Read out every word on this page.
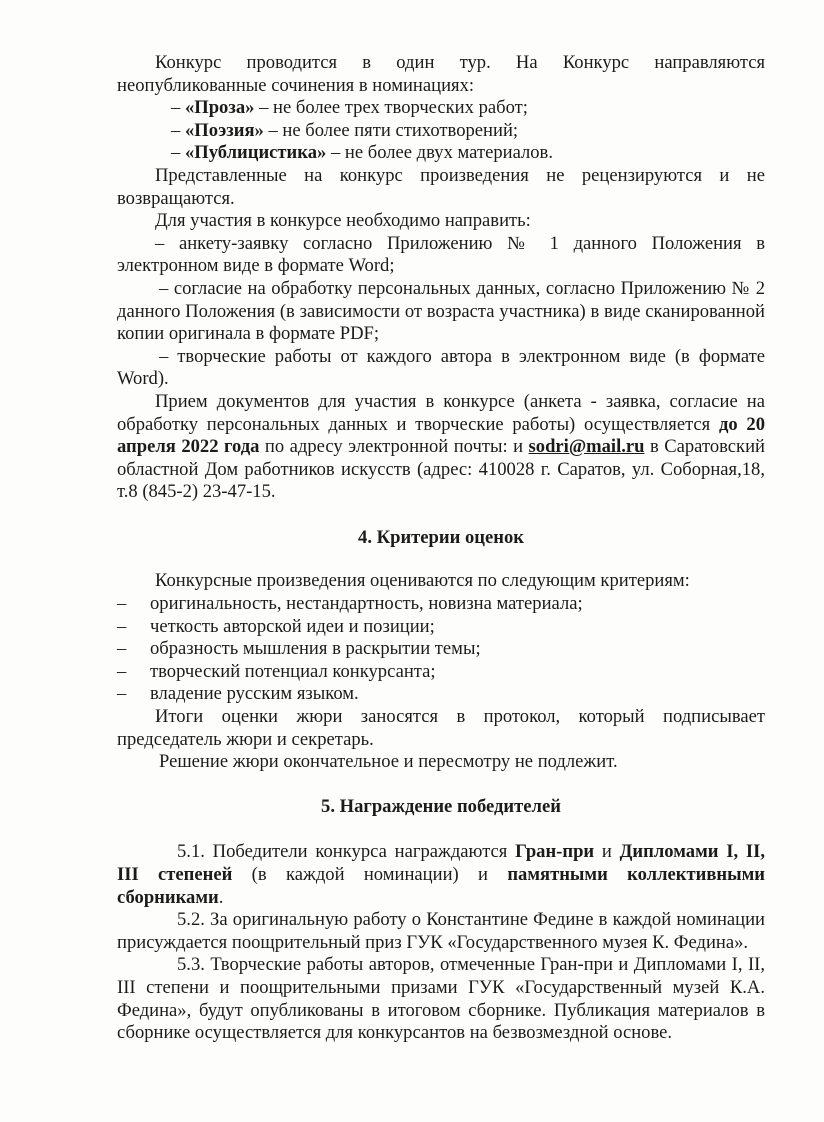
Конкурс проводится в один тур. На Конкурс направляются неопубликованные сочинения в номинациях:

– «Проза» – не более трех творческих работ;

– «Поэзия» – не более пяти стихотворений;

– «Публицистика» – не более двух материалов.

Представленные на конкурс произведения не рецензируются и не возвращаются.

Для участия в конкурсе необходимо направить:

– анкету-заявку согласно Приложению № 1 данного Положения в электронном виде в формате Word;

– согласие на обработку персональных данных, согласно Приложению № 2 данного Положения (в зависимости от возраста участника) в виде сканированной копии оригинала в формате PDF;

– творческие работы от каждого автора в электронном виде (в формате Word).

Прием документов для участия в конкурсе (анкета - заявка, согласие на обработку персональных данных и творческие работы) осуществляется до 20 апреля 2022 года по адресу электронной почты: и sodri@mail.ru в Саратовский областной Дом работников искусств (адрес: 410028 г. Саратов, ул. Соборная,18, т.8 (845-2) 23-47-15.

4. Критерии оценок

Конкурсные произведения оцениваются по следующим критериям:

– оригинальность, нестандартность, новизна материала;

– четкость авторской идеи и позиции;

– образность мышления в раскрытии темы;

– творческий потенциал конкурсанта;

– владение русским языком.

Итоги оценки жюри заносятся в протокол, который подписывает председатель жюри и секретарь.

Решение жюри окончательное и пересмотру не подлежит.

5. Награждение победителей

5.1. Победители конкурса награждаются Гран-при и Дипломами I, II, III степеней (в каждой номинации) и памятными коллективными сборниками.

5.2. За оригинальную работу о Константине Федине в каждой номинации присуждается поощрительный приз ГУК «Государственного музея К. Федина».

5.3. Творческие работы авторов, отмеченные Гран-при и Дипломами I, II, III степени и поощрительными призами ГУК «Государственный музей К.А. Федина», будут опубликованы в итоговом сборнике. Публикация материалов в сборнике осуществляется для конкурсантов на безвозмездной основе.
